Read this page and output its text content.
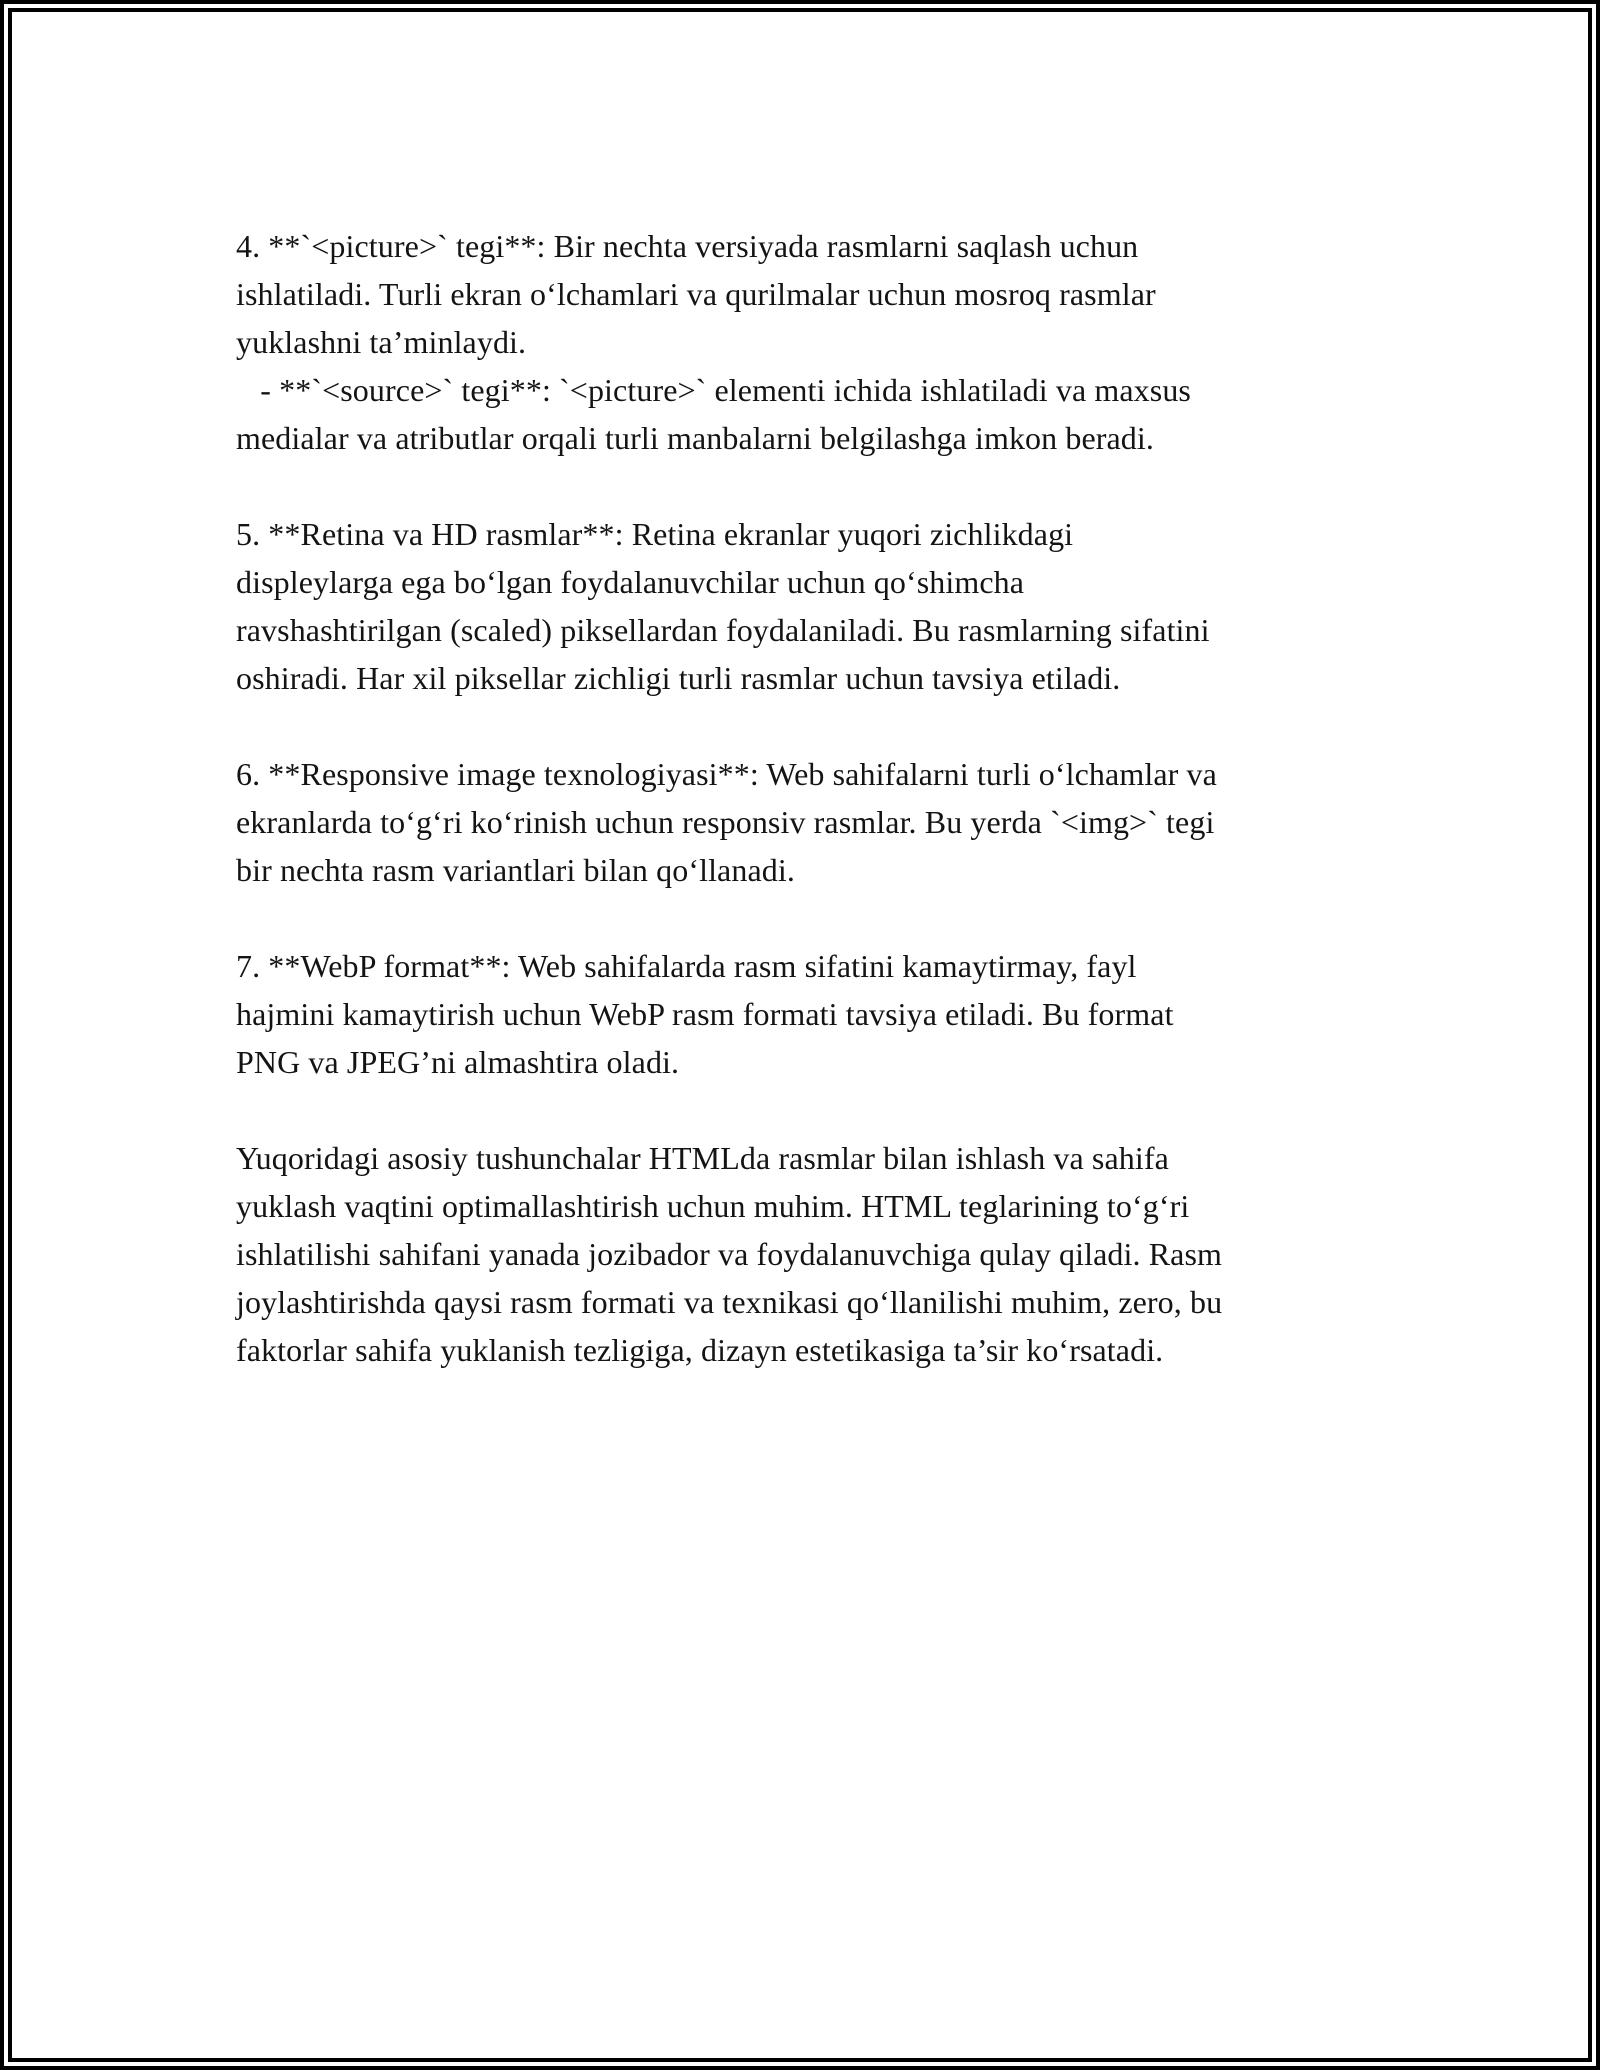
4. **`<picture>` tegi**: Bir nechta versiyada rasmlarni saqlash uchun
ishlatiladi. Turli ekran oʻlchamlari va qurilmalar uchun mosroq rasmlar
yuklashni ta’minlaydi.
- **`<source>` tegi**: `<picture>` elementi ichida ishlatiladi va maxsus
medialar va atributlar orqali turli manbalarni belgilashga imkon beradi.
5. **Retina va HD rasmlar**: Retina ekranlar yuqori zichlikdagi
displeylarga ega boʻlgan foydalanuvchilar uchun qoʻshimcha
ravshashtirilgan (scaled) piksellardan foydalaniladi. Bu rasmlarning sifatini
oshiradi. Har xil piksellar zichligi turli rasmlar uchun tavsiya etiladi.
6. **Responsive image texnologiyasi**: Web sahifalarni turli oʻlchamlar va
ekranlarda toʻgʻri koʻrinish uchun responsiv rasmlar. Bu yerda `<img>` tegi
bir nechta rasm variantlari bilan qoʻllanadi.
7. **WebP format**: Web sahifalarda rasm sifatini kamaytirmay, fayl
hajmini kamaytirish uchun WebP rasm formati tavsiya etiladi. Bu format
PNG va JPEG’ni almashtira oladi.
Yuqoridagi asosiy tushunchalar HTMLda rasmlar bilan ishlash va sahifa
yuklash vaqtini optimallashtirish uchun muhim. HTML teglarining toʻgʻri
ishlatilishi sahifani yanada jozibador va foydalanuvchiga qulay qiladi. Rasm
joylashtirishda qaysi rasm formati va texnikasi qoʻllanilishi muhim, zero, bu
faktorlar sahifa yuklanish tezligiga, dizayn estetikasiga ta’sir koʻrsatadi.
